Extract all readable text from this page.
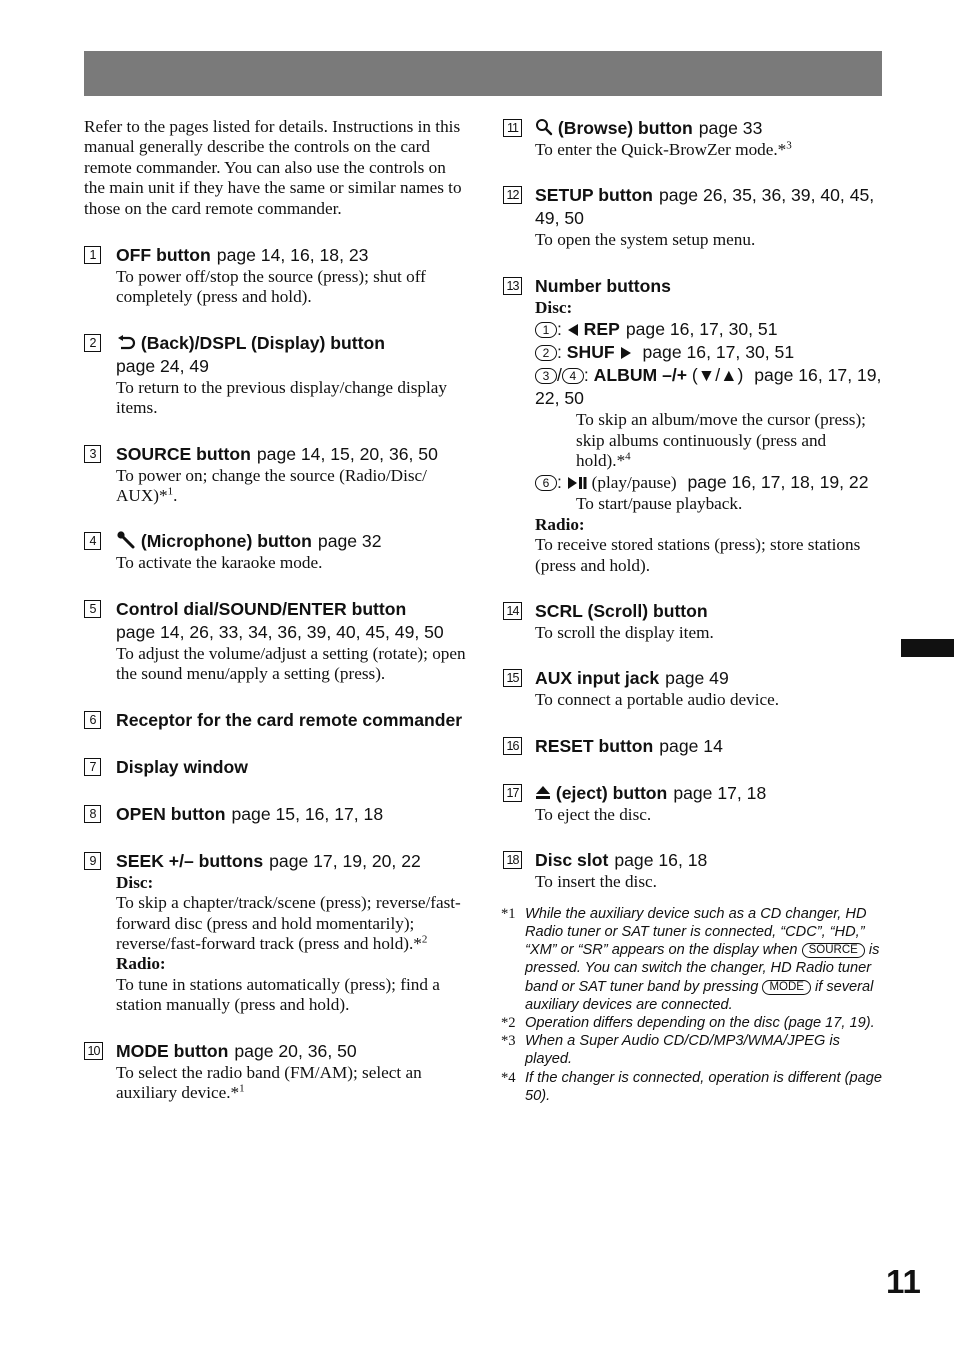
Refer to the pages listed for details. Instructions in this manual generally describe the controls on the card remote commander. You can also use the controls on the main unit if they have the same or similar names to those on the card remote commander.
1	OFF button page 14, 16, 18, 23
To power off/stop the source (press); shut off completely (press and hold).
2	(Back)/DSPL (Display) button
page 24, 49
To return to the previous display/change display items.
3	SOURCE button page 14, 15, 20, 36, 50
To power on; change the source (Radio/Disc/ AUX)*$^1$.
4	(Microphone) button page 32
To activate the karaoke mode.
5	Control dial/SOUND/ENTER button
page 14, 26, 33, 34, 36, 39, 40, 45, 49, 50
To adjust the volume/adjust a setting (rotate); open the sound menu/apply a setting (press).
6	Receptor for the card remote commander
7	Display window
8	OPEN button page 15, 16, 17, 18
9	SEEK +/– buttons page 17, 19, 20, 22
Disc:
To skip a chapter/track/scene (press); reverse/fast-forward disc (press and hold momentarily); reverse/fast-forward track (press and hold).*$^2$
Radio:
To tune in stations automatically (press); find a station manually (press and hold).
10 MODE button page 20, 36, 50
To select the radio band (FM/AM); select an auxiliary device.*$^1$
11	(Browse) button page 33
To enter the Quick-BrowZer mode.*$^3$
12 SETUP button page 26, 35, 36, 39, 40, 45, 49, 50
To open the system setup menu.
13 Number buttons
Disc:
1 :  REP page 16, 17, 30, 51
2 : SHUF page 16, 17, 30, 51
3 / 4 : ALBUM –/+ (▼/▲) page 16, 17, 19, 22, 50
To skip an album/move the cursor (press); skip albums continuously (press and hold).*$^4$
6 :  (play/pause) page 16, 17, 18, 19, 22
To start/pause playback.
Radio:
To receive stored stations (press); store stations (press and hold).
14 SCRL (Scroll) button
To scroll the display item.
15 AUX input jack page 49
To connect a portable audio device.
16 RESET button page 14
17	(eject) button page 17, 18
To eject the disc.
18 Disc slot page 16, 18
To insert the disc.
*1 While the auxiliary device such as a CD changer, HD Radio tuner or SAT tuner is connected, “CDC”, “HD,” “XM” or “SR” appears on the display when SOURCE is pressed. You can switch the changer, HD Radio tuner band or SAT tuner band by pressing MODE if several auxiliary devices are connected.
*2 Operation differs depending on the disc (page 17, 19).
*3 When a Super Audio CD/CD/MP3/WMA/JPEG is played.
*4 If the changer is connected, operation is different (page 50).
11
